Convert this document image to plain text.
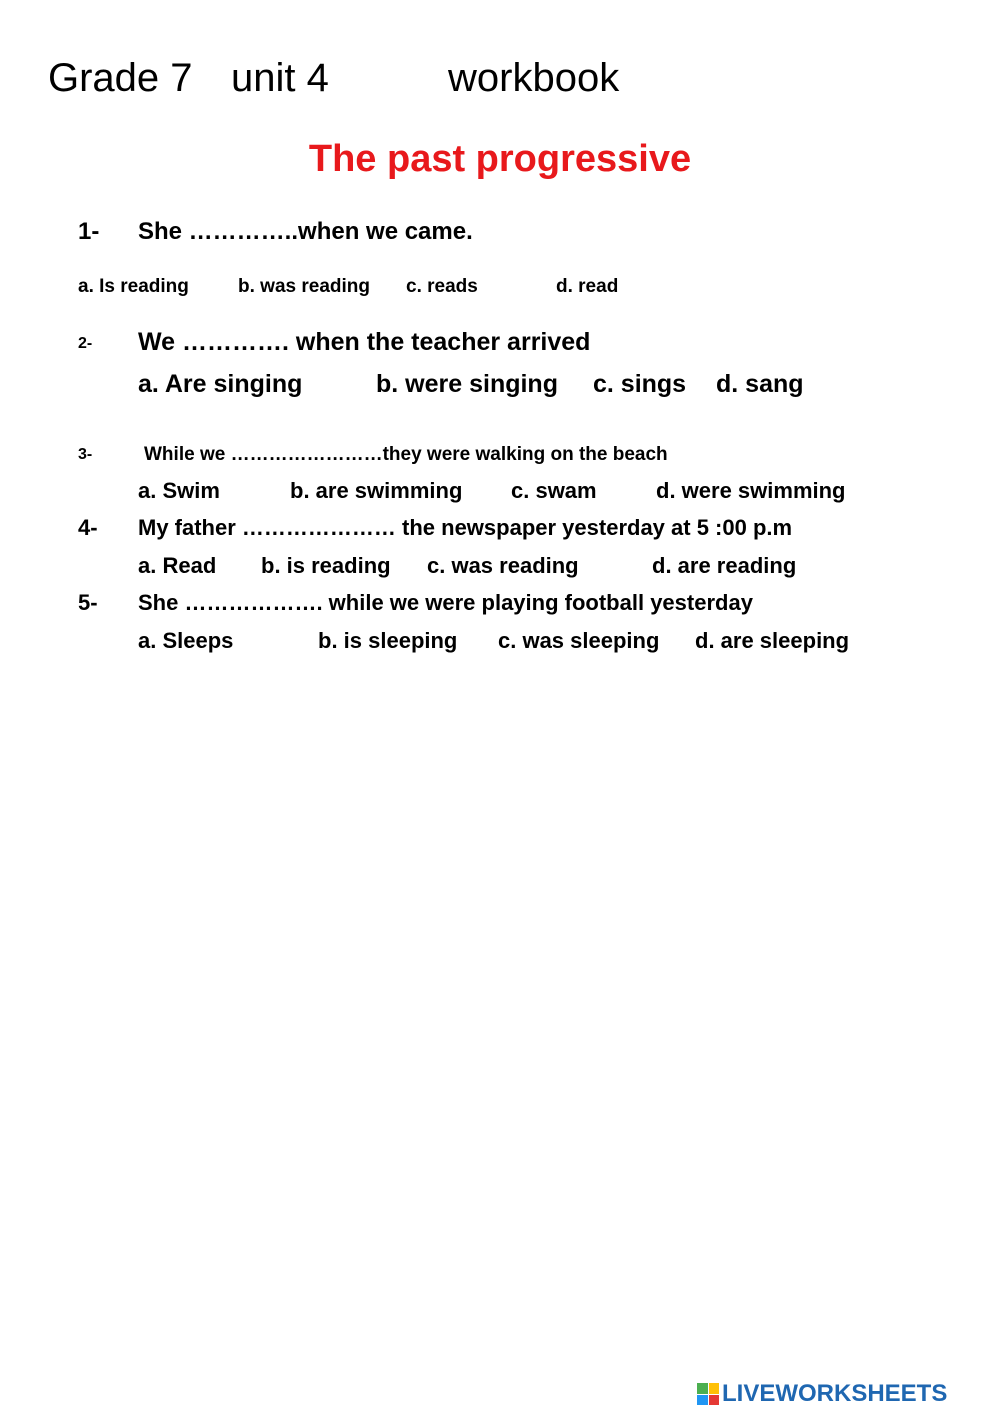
Grade 7 unit 4	workbook
The past progressive
1- She …………..when we came.
a. Is reading	b. was reading c. reads	d. read
2- We …………. when the teacher arrived
a. Are singing	b. were singing c. sings d. sang
3-	While we ……………………they were walking on the beach
a. Swim	b. are swimming c. swam	d. were swimming
4- My father ………………… the newspaper yesterday at 5 :00 p.m
a. Read b. is reading c. was reading	d. are reading
5- She ………………. while we were playing football yesterday
a. Sleeps	b. is sleeping c. was sleeping d. are sleeping
LIVEWORKSHEETS
